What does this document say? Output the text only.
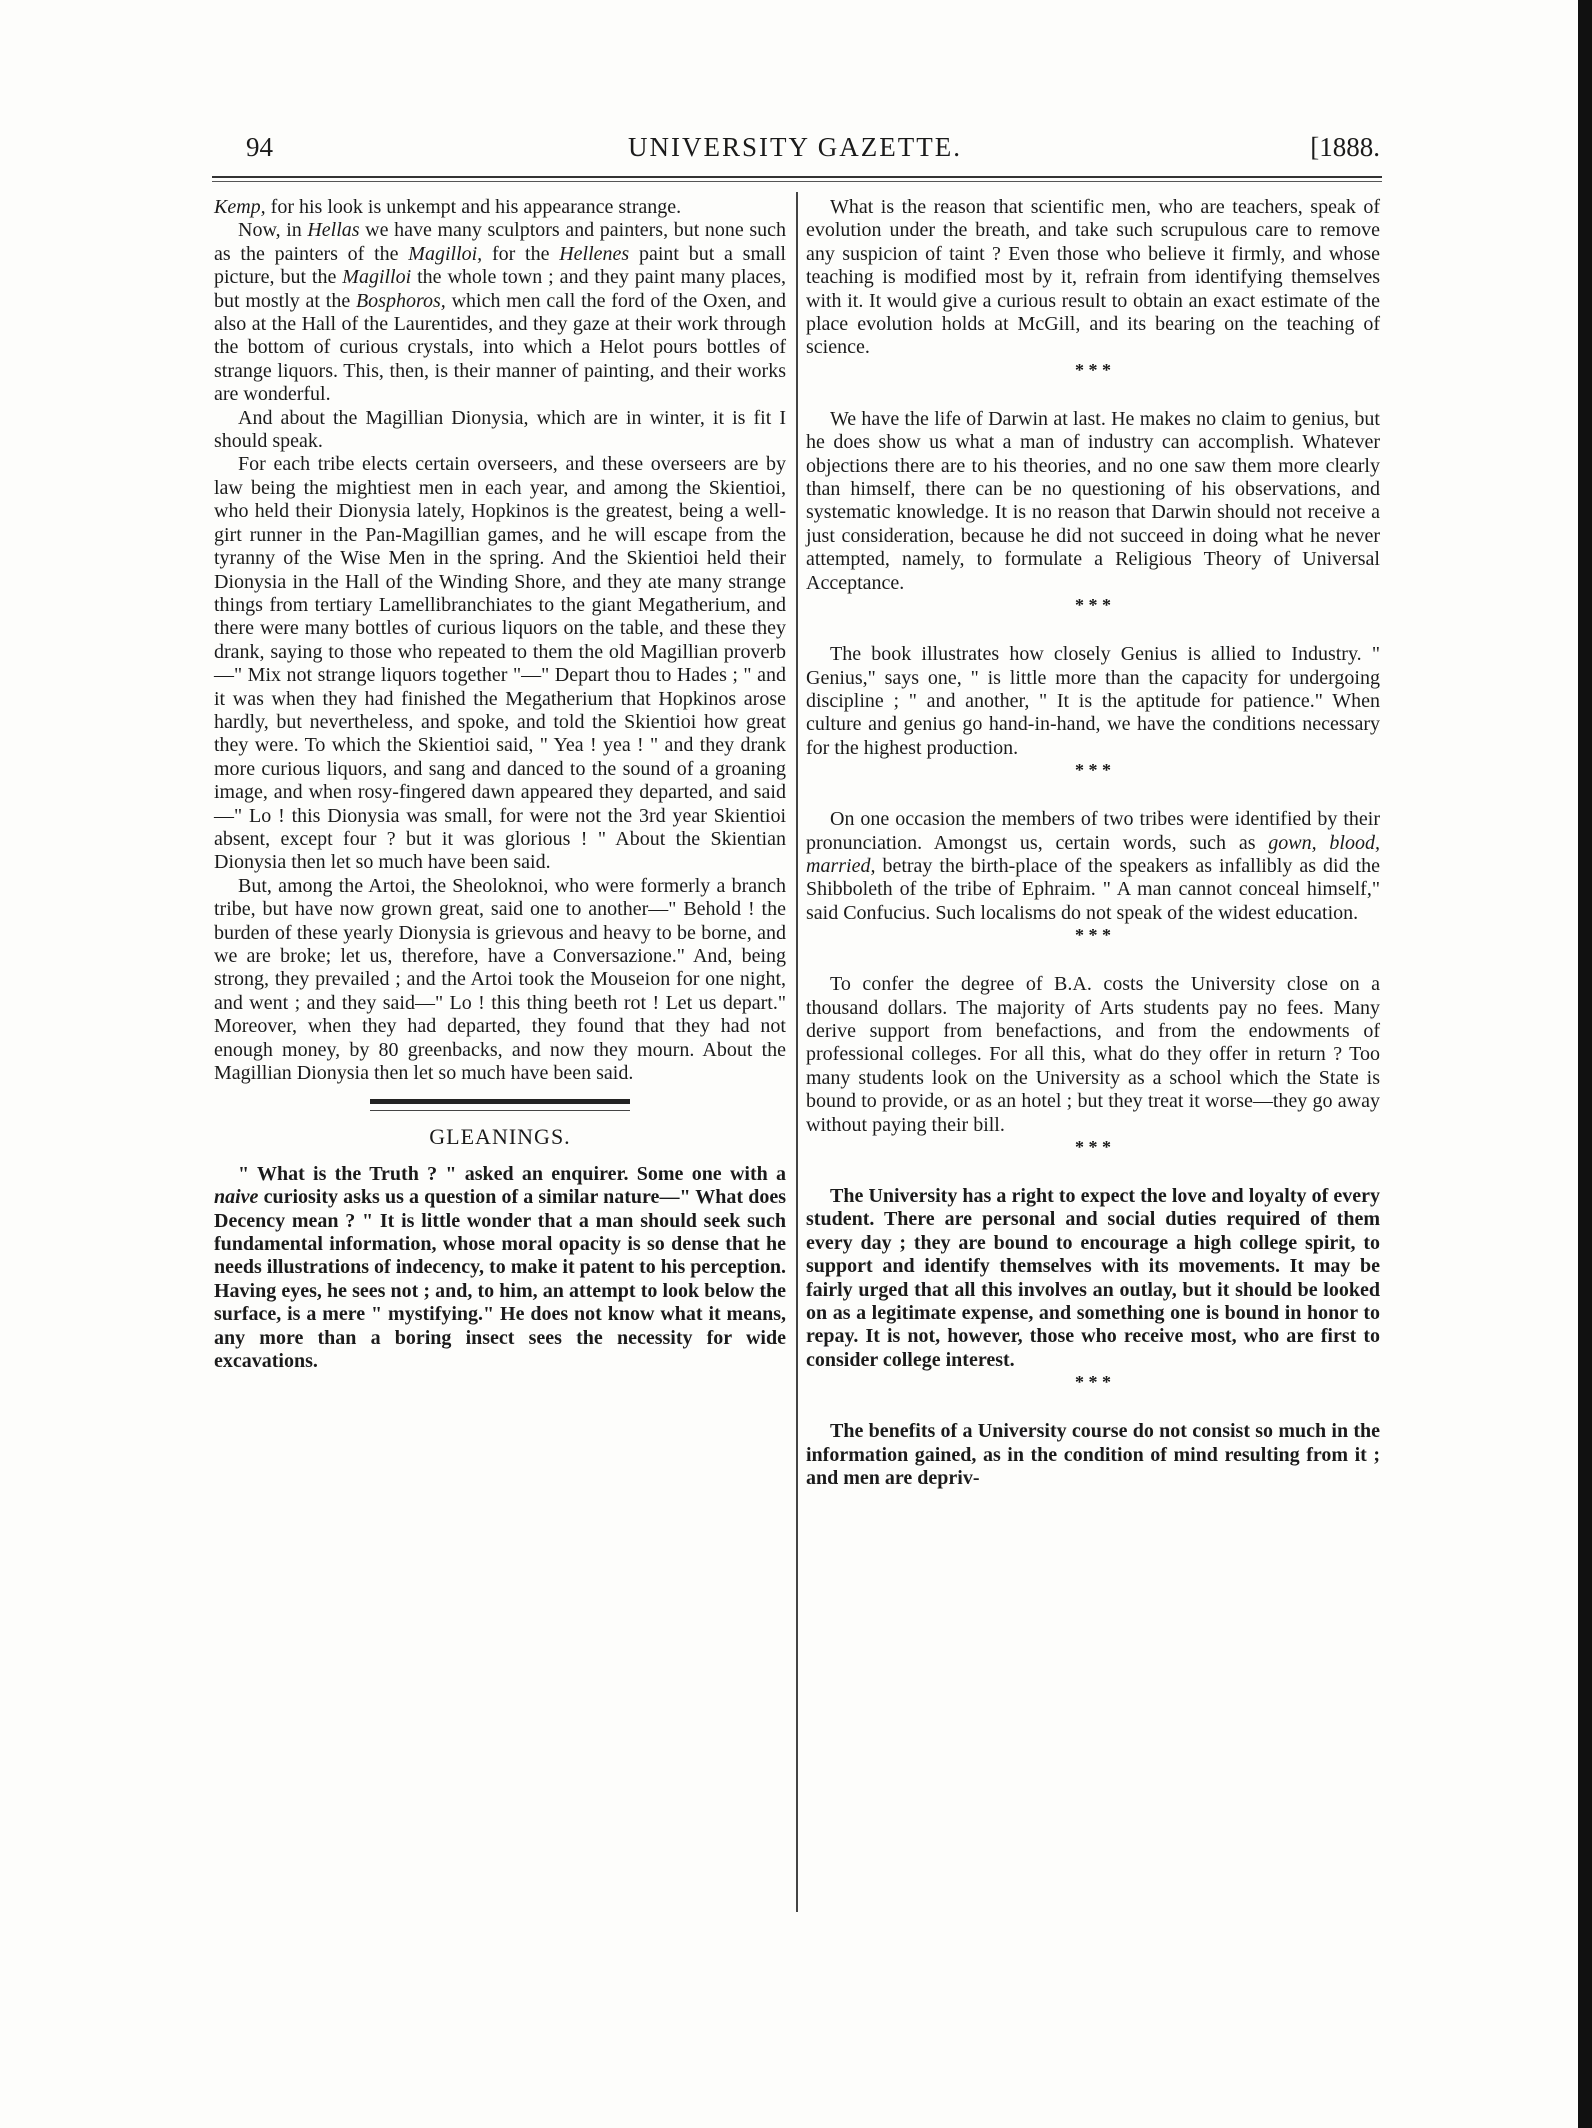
94	UNIVERSITY GAZETTE.	[1888.

Kemp, for his look is unkempt and his appearance strange.

Now, in Hellas we have many sculptors and painters, but none such as the painters of the Magilloi, for the Hellenes paint but a small picture, but the Magilloi the whole town ; and they paint many places, but mostly at the Bosphoros, which men call the ford of the Oxen, and also at the Hall of the Laurentides, and they gaze at their work through the bottom of curious crystals, into which a Helot pours bottles of strange liquors. This, then, is their manner of painting, and their works are wonderful.

And about the Magillian Dionysia, which are in winter, it is fit I should speak.

For each tribe elects certain overseers, and these overseers are by law being the mightiest men in each year, and among the Skientioi, who held their Dionysia lately, Hopkinos is the greatest, being a well-girt runner in the Pan-Magillian games, and he will escape from the tyranny of the Wise Men in the spring. And the Skientioi held their Dionysia in the Hall of the Winding Shore, and they ate many strange things from tertiary Lamellibranchiates to the giant Megatherium, and there were many bottles of curious liquors on the table, and these they drank, saying to those who repeated to them the old Magillian proverb—" Mix not strange liquors together "—" Depart thou to Hades ; " and it was when they had finished the Megatherium that Hopkinos arose hardly, but nevertheless, and spoke, and told the Skientioi how great they were. To which the Skientioi said, " Yea ! yea ! " and they drank more curious liquors, and sang and danced to the sound of a groaning image, and when rosy-fingered dawn appeared they departed, and said—" Lo ! this Dionysia was small, for were not the 3rd year Skientioi absent, except four ? but it was glorious ! " About the Skientian Dionysia then let so much have been said.

But, among the Artoi, the Sheoloknoi, who were formerly a branch tribe, but have now grown great, said one to another—" Behold ! the burden of these yearly Dionysia is grievous and heavy to be borne, and we are broke; let us, therefore, have a Conversazione." And, being strong, they prevailed ; and the Artoi took the Mouseion for one night, and went ; and they said—" Lo ! this thing beeth rot ! Let us depart." Moreover, when they had departed, they found that they had not enough money, by 80 greenbacks, and now they mourn. About the Magillian Dionysia then let so much have been said.

GLEANINGS.

" What is the Truth ? " asked an enquirer. Some one with a naive curiosity asks us a question of a similar nature—" What does Decency mean ? " It is little wonder that a man should seek such fundamental information, whose moral opacity is so dense that he needs illustrations of indecency, to make it patent to his perception. Having eyes, he sees not ; and, to him, an attempt to look below the surface, is a mere " mystifying." He does not know what it means, any more than a boring insect sees the necessity for wide excavations.

What is the reason that scientific men, who are teachers, speak of evolution under the breath, and take such scrupulous care to remove any suspicion of taint ? Even those who believe it firmly, and whose teaching is modified most by it, refrain from identifying themselves with it. It would give a curious result to obtain an exact estimate of the place evolution holds at McGill, and its bearing on the teaching of science.

* * *

We have the life of Darwin at last. He makes no claim to genius, but he does show us what a man of industry can accomplish. Whatever objections there are to his theories, and no one saw them more clearly than himself, there can be no questioning of his observations, and systematic knowledge. It is no reason that Darwin should not receive a just consideration, because he did not succeed in doing what he never attempted, namely, to formulate a Religious Theory of Universal Acceptance.

* * *

The book illustrates how closely Genius is allied to Industry. " Genius," says one, " is little more than the capacity for undergoing discipline ; " and another, " It is the aptitude for patience." When culture and genius go hand-in-hand, we have the conditions necessary for the highest production.

* * *

On one occasion the members of two tribes were identified by their pronunciation. Amongst us, certain words, such as gown, blood, married, betray the birth-place of the speakers as infallibly as did the Shibboleth of the tribe of Ephraim. " A man cannot conceal himself," said Confucius. Such localisms do not speak of the widest education.

* * *

To confer the degree of B.A. costs the University close on a thousand dollars. The majority of Arts students pay no fees. Many derive support from benefactions, and from the endowments of professional colleges. For all this, what do they offer in return ? Too many students look on the University as a school which the State is bound to provide, or as an hotel ; but they treat it worse—they go away without paying their bill.

* * *

The University has a right to expect the love and loyalty of every student. There are personal and social duties required of them every day ; they are bound to encourage a high college spirit, to support and identify themselves with its movements. It may be fairly urged that all this involves an outlay, but it should be looked on as a legitimate expense, and something one is bound in honor to repay. It is not, however, those who receive most, who are first to consider college interest.

* * *

The benefits of a University course do not consist so much in the information gained, as in the condition of mind resulting from it ; and men are depriv-
